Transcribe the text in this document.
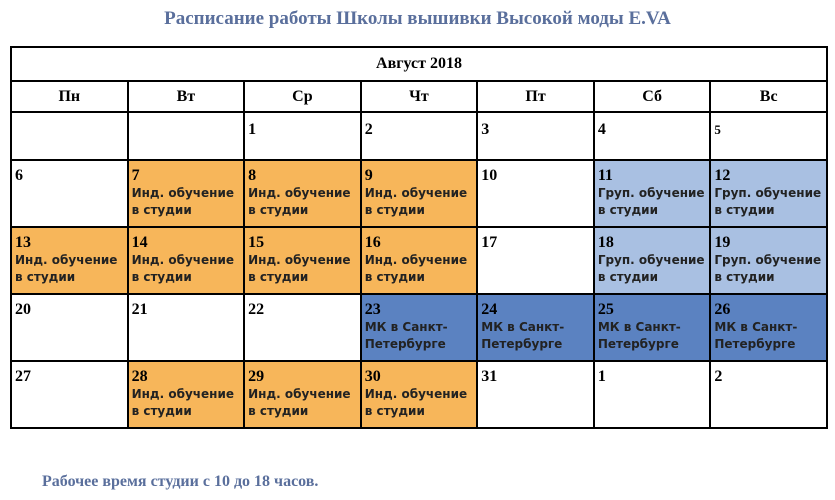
Расписание работы Школы вышивки Высокой моды E.VA
Август 2018						
Пн	Вт	Ср	Чт	Пт	Сб	Вс

		1	2	3	4	5

6	7
Инд. обучение
в студии	8
Инд. обучение
в студии	9
Инд. обучение
в студии	10	11
Груп. обучение
в студии	12
Груп. обучение
в студии

13
Инд. обучение
в студии	14
Инд. обучение
в студии	15
Инд. обучение
в студии	16
Инд. обучение
в студии	17	18
Груп. обучение
в студии	19
Груп. обучение
в студии

20	21	22	23
МК в Санкт-
Петербурге	24
МК в Санкт-
Петербурге	25
МК в Санкт-
Петербурге	26
МК в Санкт-
Петербурге

27	28
Инд. обучение
в студии	29
Инд. обучение
в студии	30
Инд. обучение
в студии	31	1	2
Рабочее время студии с 10 до 18 часов.
